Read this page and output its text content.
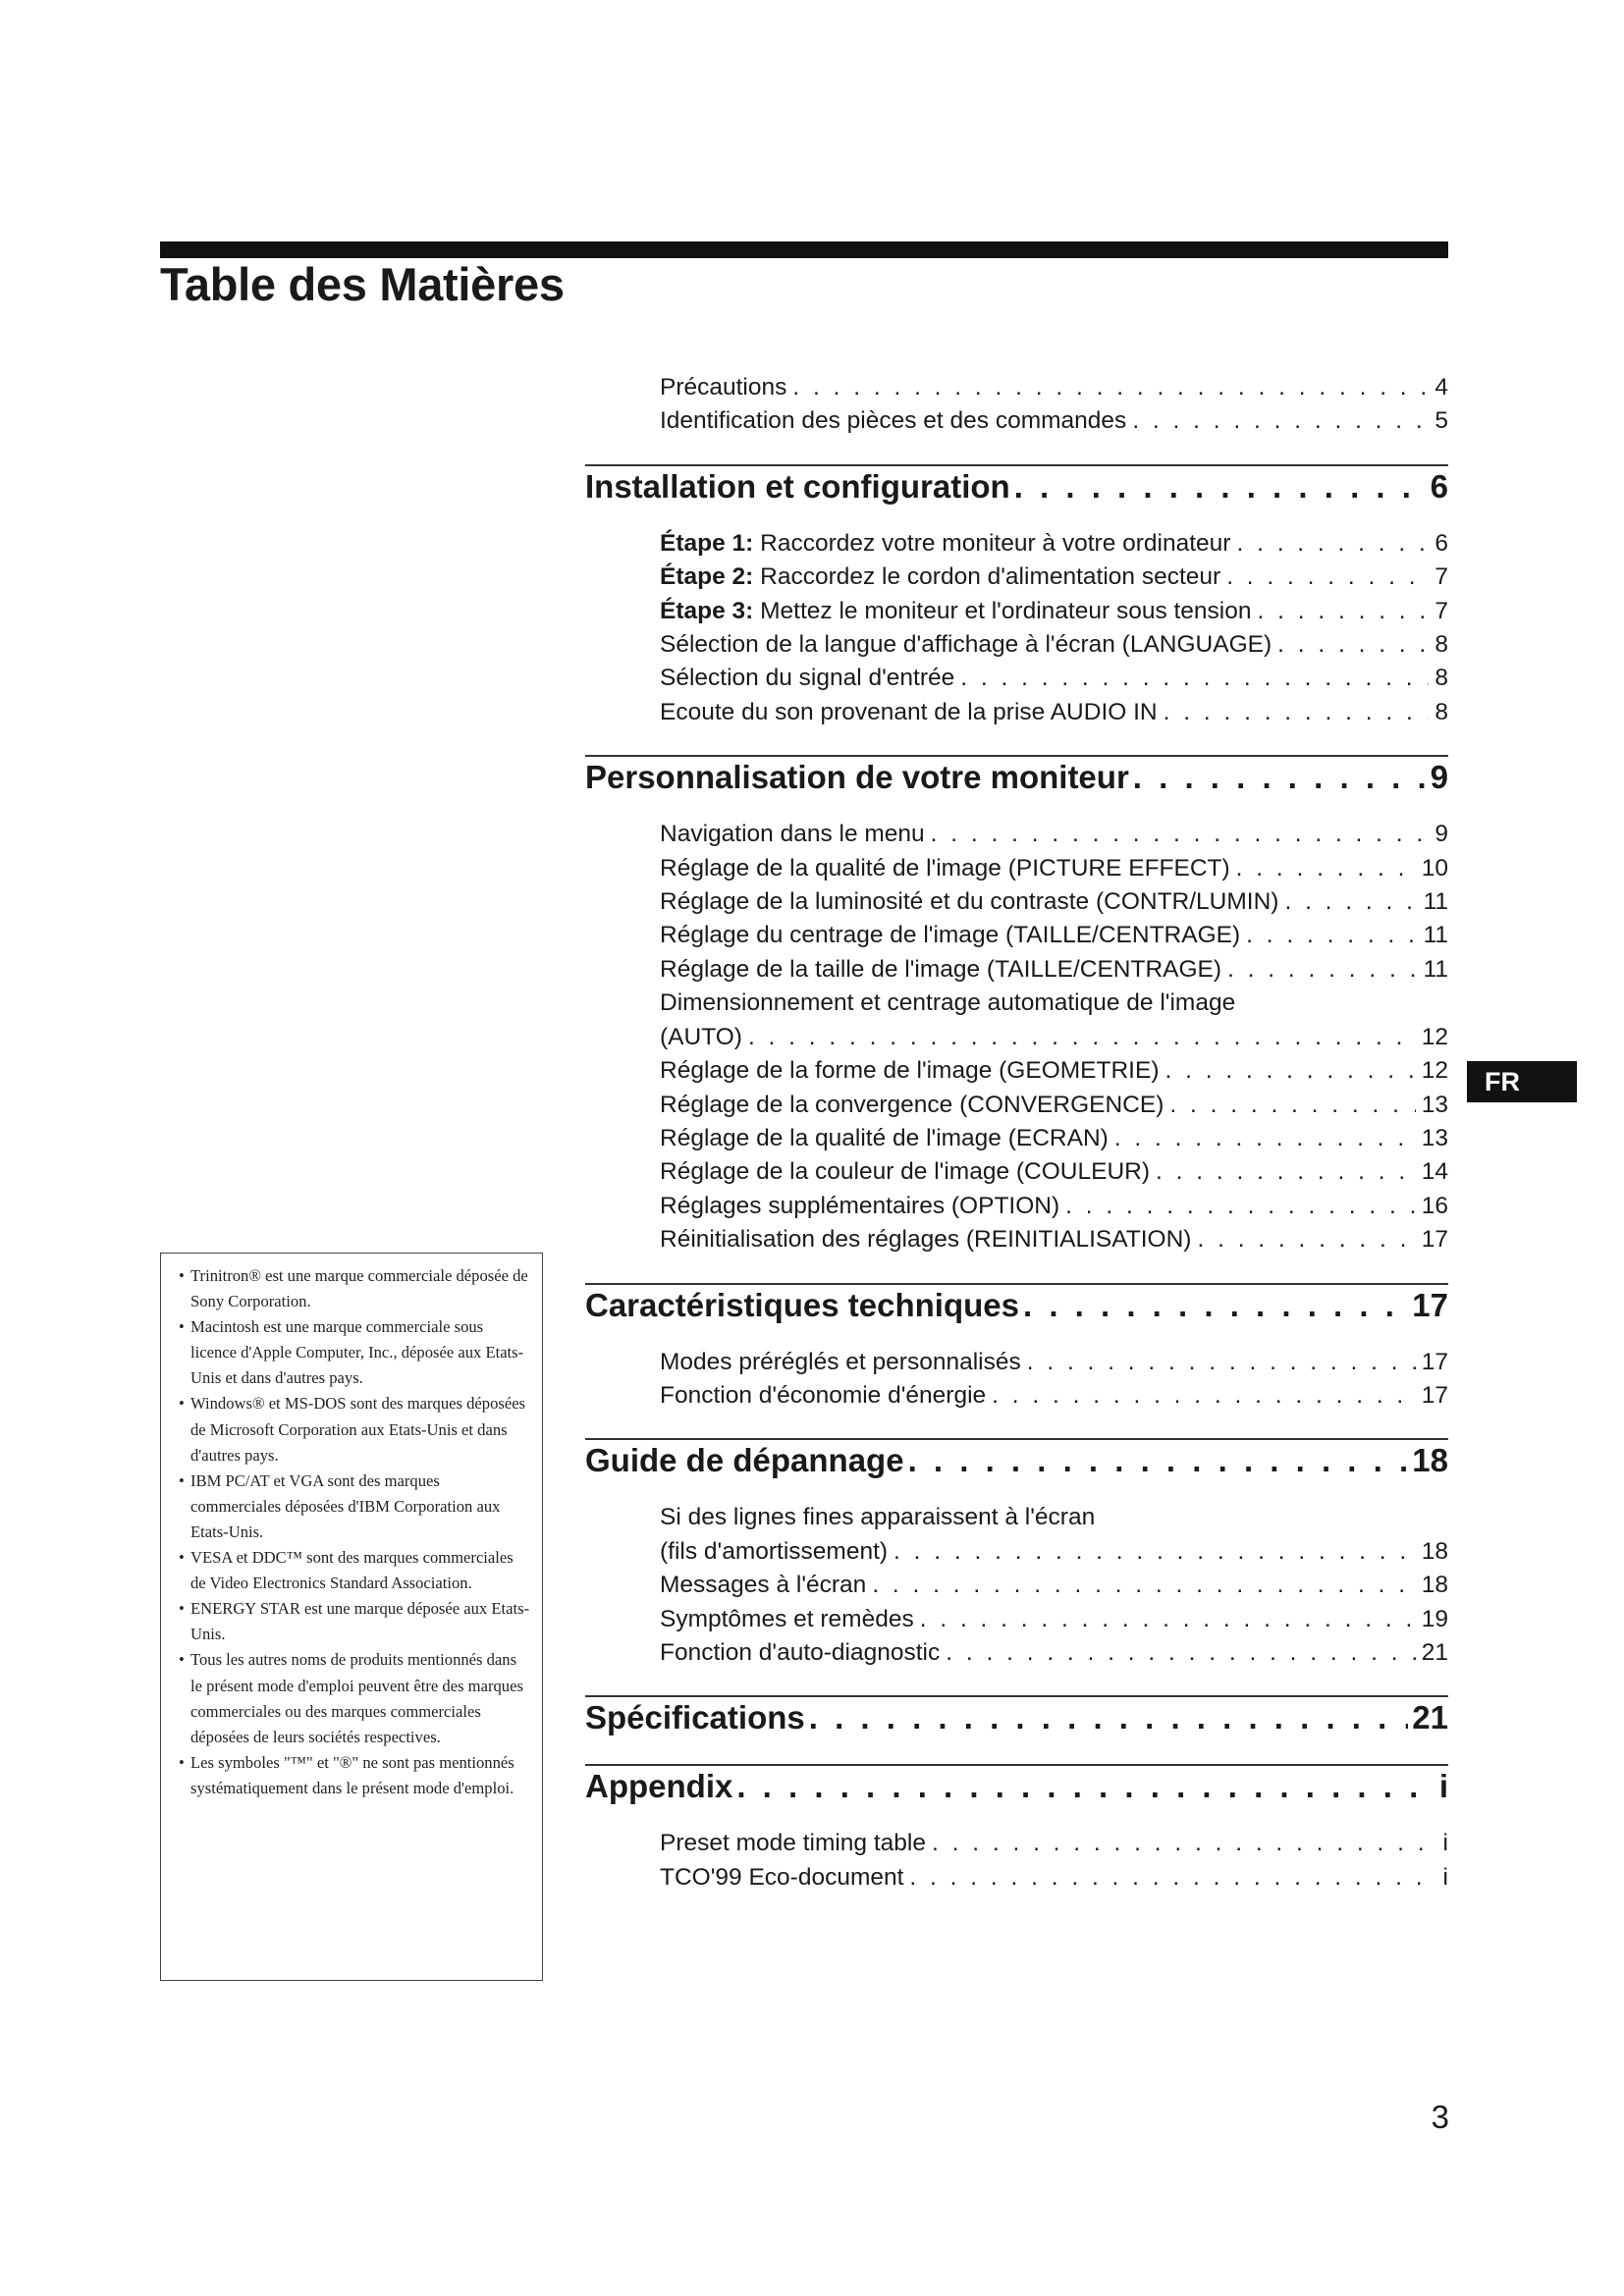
Table des Matières
Précautions . . .	4
Identification des pièces et des commandes . . .	5
Installation et configuration . . .	6
Étape 1: Raccordez votre moniteur à votre ordinateur . . .	6
Étape 2: Raccordez le cordon d'alimentation secteur . . .	7
Étape 3: Mettez le moniteur et l'ordinateur sous tension . . .	7
Sélection de la langue d'affichage à l'écran (LANGUAGE) . . .	8
Sélection du signal d'entrée . . .	8
Ecoute du son provenant de la prise AUDIO IN . . .	8
Personnalisation de votre moniteur . . .	9
Navigation dans le menu . . .	9
Réglage de la qualité de l'image (PICTURE EFFECT) . . .	10
Réglage de la luminosité et du contraste (CONTR/LUMIN) . . .	11
Réglage du centrage de l'image (TAILLE/CENTRAGE) . . .	11
Réglage de la taille de l'image (TAILLE/CENTRAGE) . . .	11
Dimensionnement et centrage automatique de l'image
(AUTO) . . .	12
Réglage de la forme de l'image (GEOMETRIE) . . .	12
Réglage de la convergence (CONVERGENCE) . . .	13
Réglage de la qualité de l'image (ECRAN) . . .	13
Réglage de la couleur de l'image (COULEUR) . . .	14
Réglages supplémentaires (OPTION) . . .	16
Réinitialisation des réglages (REINITIALISATION) . . .	17
Caractéristiques techniques . . .	17
Modes préréglés et personnalisés . . .	17
Fonction d'économie d'énergie . . .	17
Guide de dépannage . . .	18
Si des lignes fines apparaissent à l'écran
(fils d'amortissement) . . .	18
Messages à l'écran . . .	18
Symptômes et remèdes . . .	19
Fonction d'auto-diagnostic . . .	21
Spécifications . . .	21
Appendix . . .	i
Preset mode timing table . . .	i
TCO'99 Eco-document . . .	i
FR
• Trinitron® est une marque commerciale déposée de Sony Corporation.
• Macintosh est une marque commerciale sous licence d'Apple Computer, Inc., déposée aux Etats-Unis et dans d'autres pays.
• Windows® et MS-DOS sont des marques déposées de Microsoft Corporation aux Etats-Unis et dans d'autres pays.
• IBM PC/AT et VGA sont des marques commerciales déposées d'IBM Corporation aux Etats-Unis.
• VESA et DDC™ sont des marques commerciales de Video Electronics Standard Association.
• ENERGY STAR est une marque déposée aux Etats-Unis.
• Tous les autres noms de produits mentionnés dans le présent mode d'emploi peuvent être des marques commerciales ou des marques commerciales déposées de leurs sociétés respectives.
• Les symboles "™" et "®" ne sont pas mentionnés systématiquement dans le présent mode d'emploi.
3
